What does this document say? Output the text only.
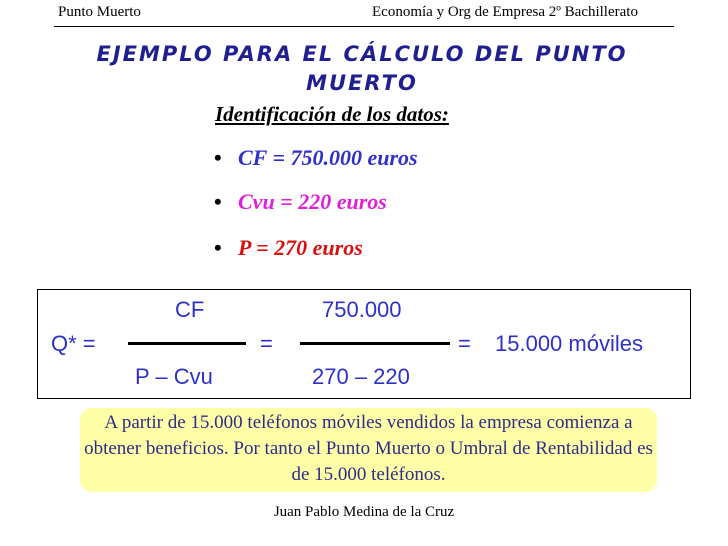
Punto Muerto	Economía y Org de Empresa 2º Bachillerato
EJEMPLO PARA EL CÁLCULO DEL PUNTO MUERTO
Identificación de los datos:
• CF = 750.000 euros
• Cvu = 220 euros
• P = 270 euros
CF
Q* =	=
P – Cvu
750.000
270 – 220
= 15.000 móviles
A partir de 15.000 teléfonos móviles vendidos la empresa comienza a obtener beneficios. Por tanto el Punto Muerto o Umbral de Rentabilidad es de 15.000 teléfonos.
Juan Pablo Medina de la Cruz
